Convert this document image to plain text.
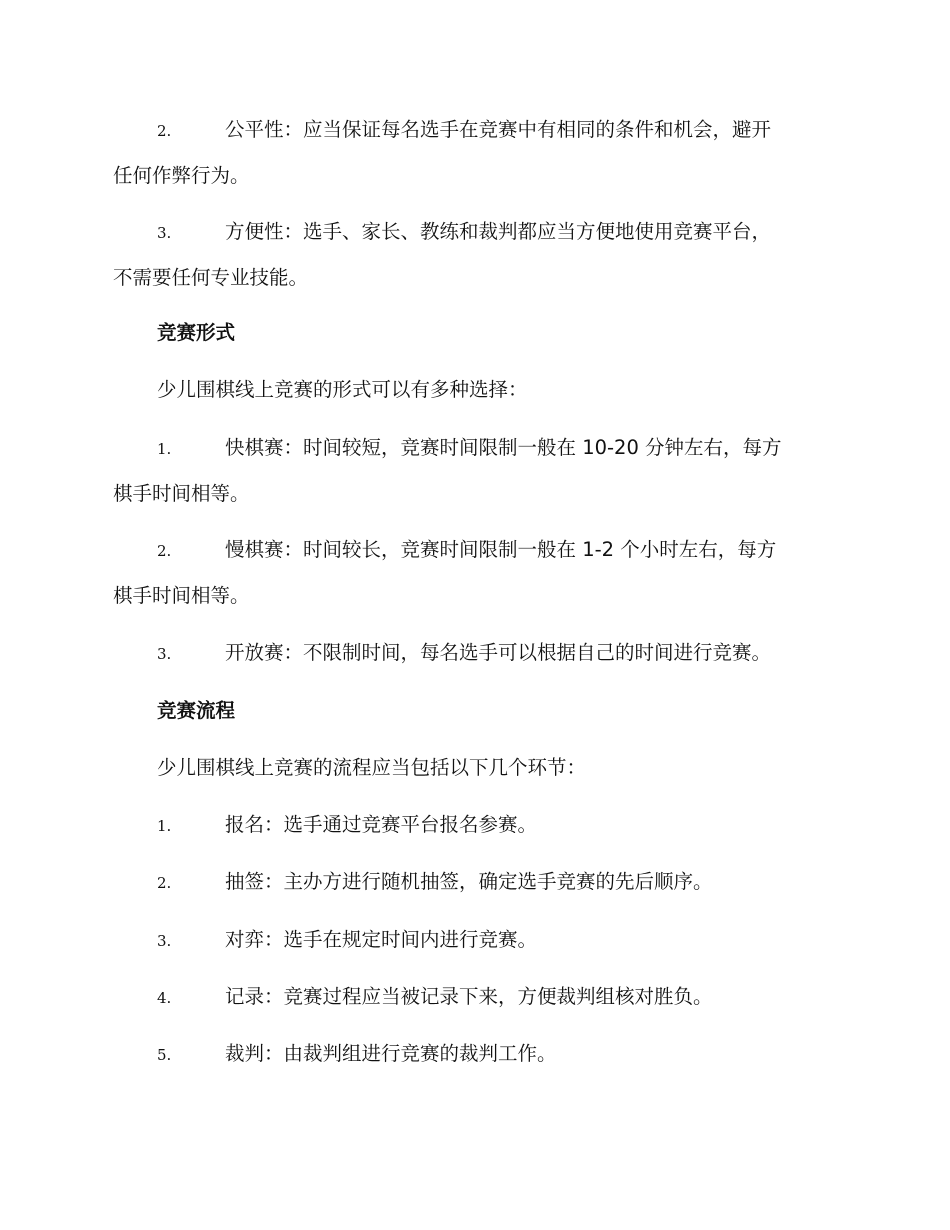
2.	公平性：应当保证每名选手在竞赛中有相同的条件和机会，避开
任何作弊行为。
3.	方便性：选手、家长、教练和裁判都应当方便地使用竞赛平台，
不需要任何专业技能。
竞赛形式
少儿围棋线上竞赛的形式可以有多种选择：
1.	快棋赛：时间较短，竞赛时间限制一般在 10-20 分钟左右，每方
棋手时间相等。
2.	慢棋赛：时间较长，竞赛时间限制一般在 1-2 个小时左右，每方
棋手时间相等。
3.	开放赛：不限制时间，每名选手可以根据自己的时间进行竞赛。
竞赛流程
少儿围棋线上竞赛的流程应当包括以下几个环节：
1.	报名：选手通过竞赛平台报名参赛。
2.	抽签：主办方进行随机抽签，确定选手竞赛的先后顺序。
3.	对弈：选手在规定时间内进行竞赛。
4.	记录：竞赛过程应当被记录下来，方便裁判组核对胜负。
5.	裁判：由裁判组进行竞赛的裁判工作。
